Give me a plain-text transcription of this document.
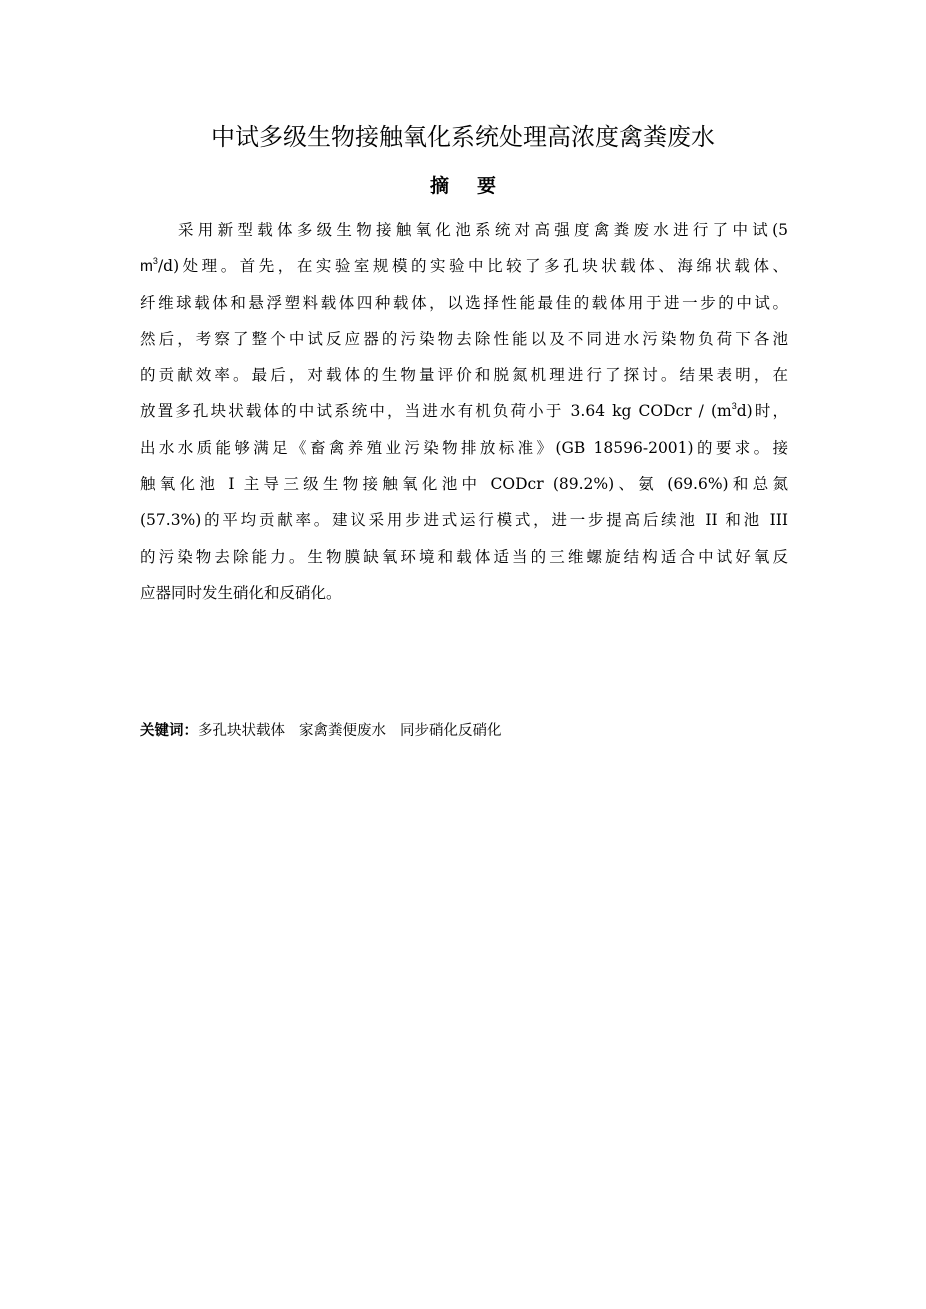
中试多级生物接触氧化系统处理高浓度禽粪废水
摘要
采用新型载体多级生物接触氧化池系统对高强度禽粪废水进行了中试(5
$m^3/d$)处理。首先，在实验室规模的实验中比较了多孔块状载体、海绵状载体、
纤维球载体和悬浮塑料载体四种载体，以选择性能最佳的载体用于进一步的中试。
然后，考察了整个中试反应器的污染物去除性能以及不同进水污染物负荷下各池
的贡献效率。最后，对载体的生物量评价和脱氮机理进行了探讨。结果表明，在
放置多孔块状载体的中试系统中，当进水有机负荷小于 3.64 kg CODcr / $(m^3d)$时，
出水水质能够满足《畜禽养殖业污染物排放标准》(GB 18596-2001)的要求。接
触氧化池 I 主导三级生物接触氧化池中 CODcr (89.2%)、氨 (69.6%)和总氮
(57.3%)的平均贡献率。建议采用步进式运行模式，进一步提高后续池 II 和池 III
的污染物去除能力。生物膜缺氧环境和载体适当的三维螺旋结构适合中试好氧反
应器同时发生硝化和反硝化。
关键词：多孔块状载体 家禽粪便废水 同步硝化反硝化
